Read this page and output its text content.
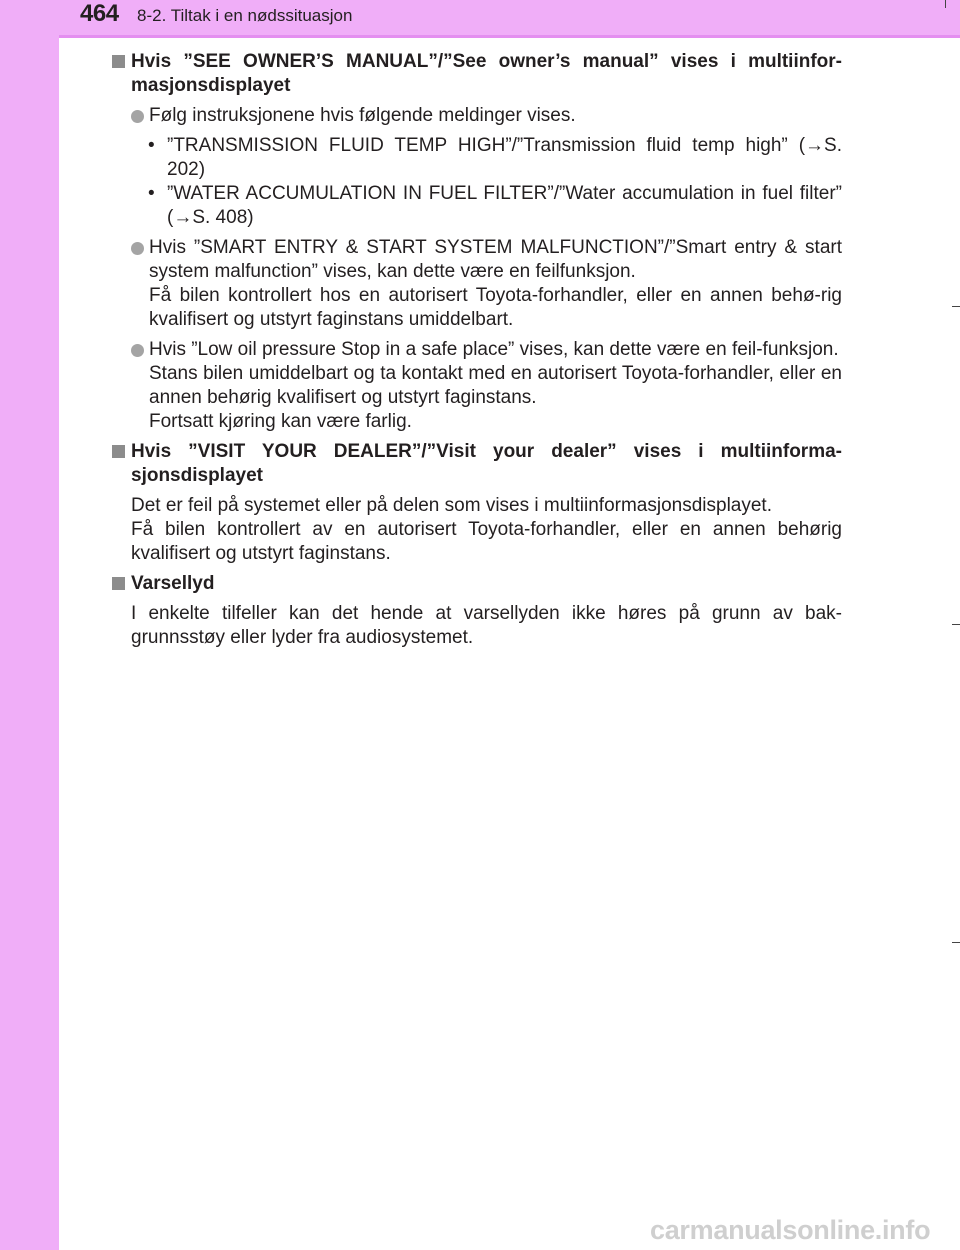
464 8-2. Tiltak i en nødssituasjon
Hvis ”SEE OWNER’S MANUAL”/”See owner’s manual” vises i multiinfor-masjonsdisplayet
Følg instruksjonene hvis følgende meldinger vises.
• ”TRANSMISSION FLUID TEMP HIGH”/”Transmission fluid temp high” (→S. 202)
• ”WATER ACCUMULATION IN FUEL FILTER”/”Water accumulation in fuel filter” (→S. 408)
Hvis ”SMART ENTRY & START SYSTEM MALFUNCTION”/”Smart entry & start system malfunction” vises, kan dette være en feilfunksjon.
Få bilen kontrollert hos en autorisert Toyota-forhandler, eller en annen behø-rig kvalifisert og utstyrt faginstans umiddelbart.
Hvis ”Low oil pressure Stop in a safe place” vises, kan dette være en feil-funksjon.
Stans bilen umiddelbart og ta kontakt med en autorisert Toyota-forhandler, eller en annen behørig kvalifisert og utstyrt faginstans.
Fortsatt kjøring kan være farlig.
Hvis ”VISIT YOUR DEALER”/”Visit your dealer” vises i multiinforma-sjonsdisplayet
Det er feil på systemet eller på delen som vises i multiinformasjonsdisplayet.
Få bilen kontrollert av en autorisert Toyota-forhandler, eller en annen behørig kvalifisert og utstyrt faginstans.
Varsellyd
I enkelte tilfeller kan det hende at varsellyden ikke høres på grunn av bak-grunnsstøy eller lyder fra audiosystemet.
carmanualsonline.info
